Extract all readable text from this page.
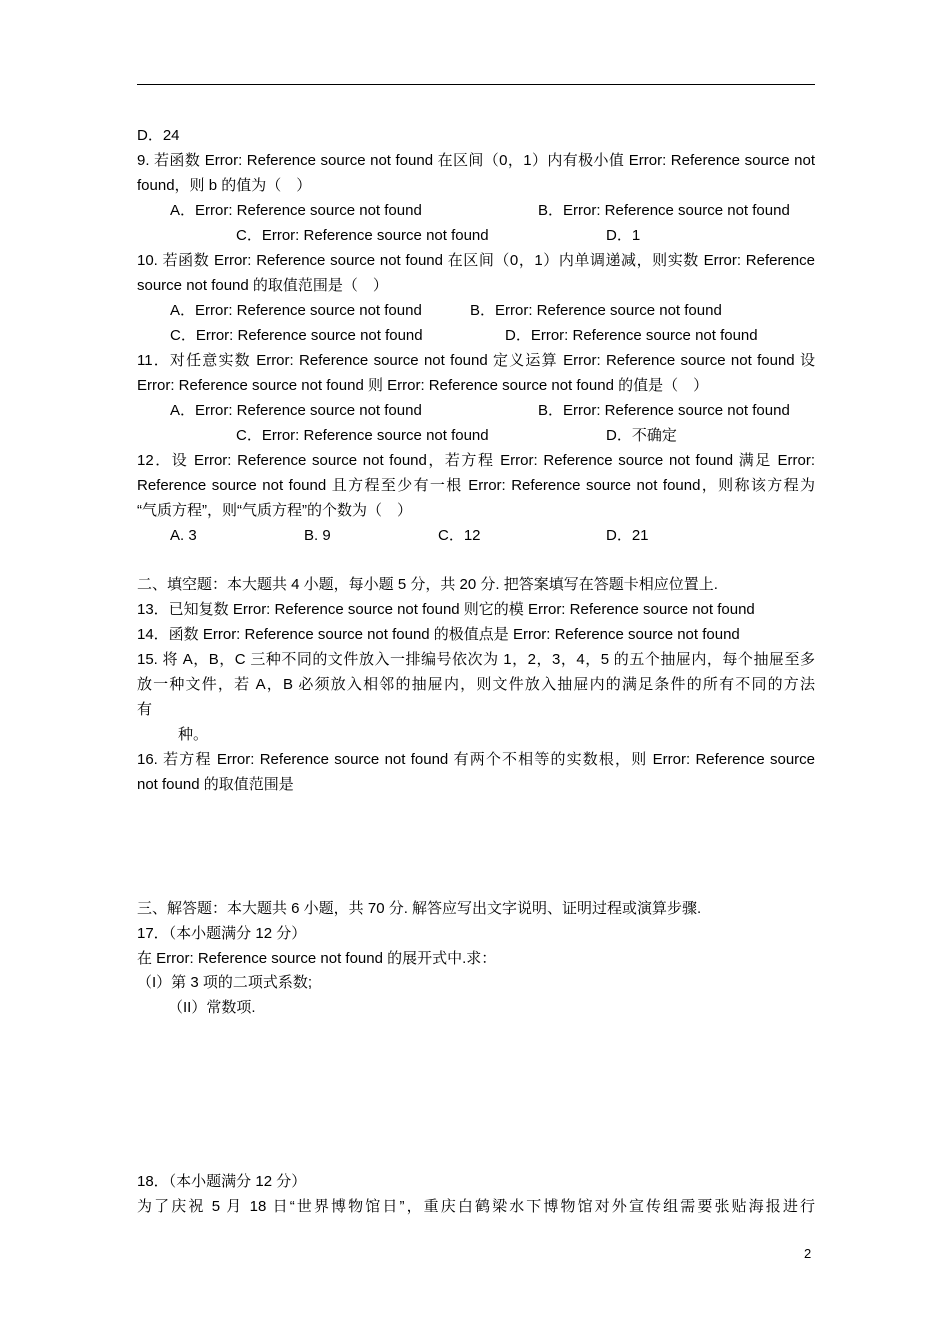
D．24
9. 若函数 Error: Reference source not found 在区间（0，1）内有极小值 Error: Reference source not
found，则 b 的值为（　）
A．Error: Reference source not found	B．Error: Reference source not found
C．Error: Reference source not found	D．1
10. 若函数 Error: Reference source not found 在区间（0，1）内单调递减，则实数 Error: Reference
source not found 的取值范围是（　）
A．Error: Reference source not found	B．Error: Reference source not found
C．Error: Reference source not found	D．Error: Reference source not found
11．对任意实数 Error: Reference source not found 定义运算 Error: Reference source not found 设
Error: Reference source not found 则 Error: Reference source not found 的值是（　）
A．Error: Reference source not found	B．Error: Reference source not found
C．Error: Reference source not found	D．不确定
12．设 Error: Reference source not found，若方程 Error: Reference source not found 满足 Error:
Reference source not found 且方程至少有一根 Error: Reference source not found，则称该方程为
“气质方程”，则“气质方程”的个数为（　）
A. 3	B. 9	C．12	D．21
二、填空题：本大题共 4 小题，每小题 5 分，共 20 分. 把答案填写在答题卡相应位置上.
13．已知复数 Error: Reference source not found 则它的模 Error: Reference source not found
14．函数 Error: Reference source not found 的极值点是 Error: Reference source not found
15. 将 A，B，C 三种不同的文件放入一排编号依次为 1，2，3，4，5 的五个抽屉内，每个抽屉至多
放一种文件，若 A，B 必须放入相邻的抽屉内，则文件放入抽屉内的满足条件的所有不同的方法
有
种。
16. 若方程 Error: Reference source not found 有两个不相等的实数根，则 Error: Reference source
not found 的取值范围是
三、解答题：本大题共 6 小题，共 70 分. 解答应写出文字说明、证明过程或演算步骤.
17．（本小题满分 12 分）
在 Error: Reference source not found 的展开式中.求：
（I）第 3 项的二项式系数;
（II）常数项.
18．（本小题满分 12 分）
为了庆祝 5 月 18 日“世界博物馆日”，重庆白鹤梁水下博物馆对外宣传组需要张贴海报进行
2
